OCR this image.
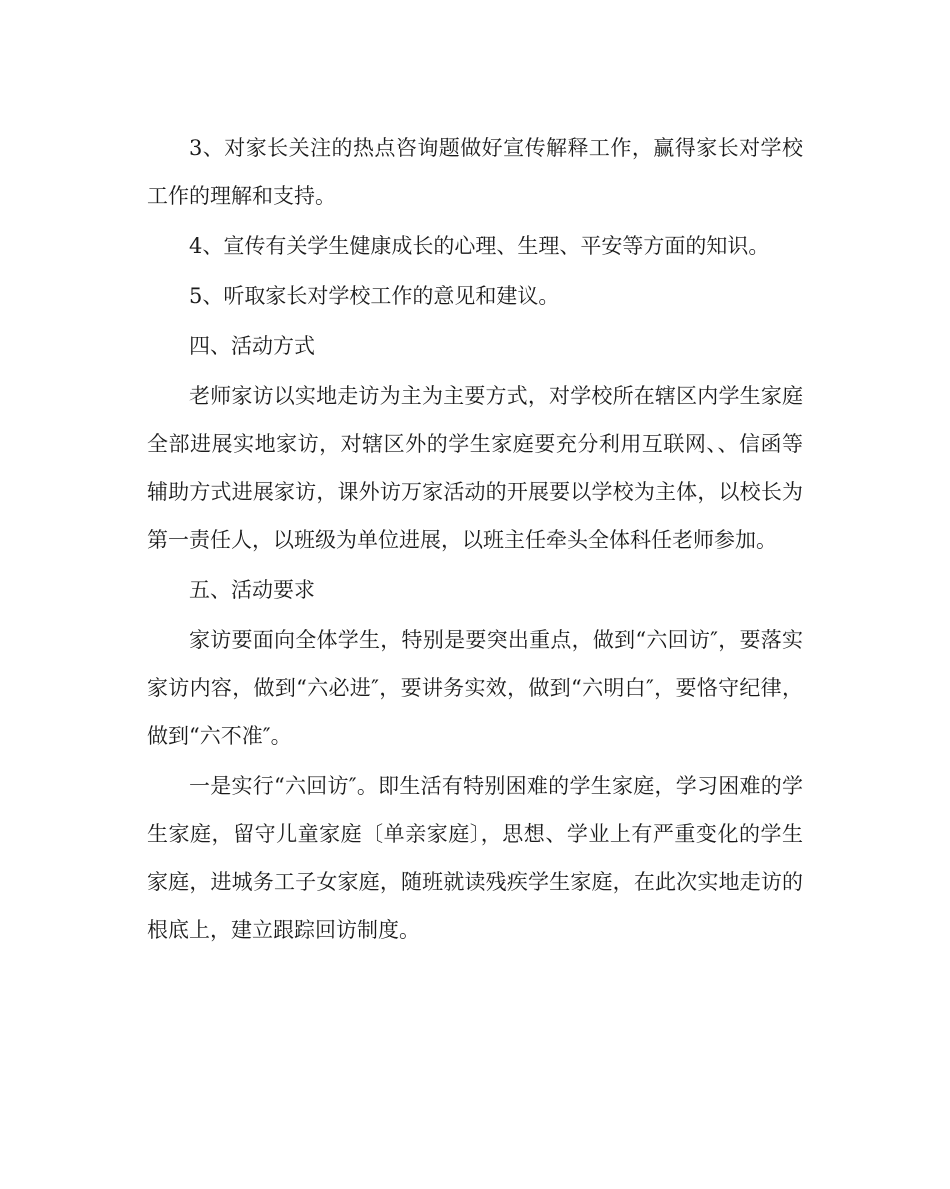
3、对家长关注的热点咨询题做好宣传解释工作，赢得家长对学校工作的理解和支持。

4、宣传有关学生健康成长的心理、生理、平安等方面的知识。

5、听取家长对学校工作的意见和建议。

四、活动方式

老师家访以实地走访为主为主要方式，对学校所在辖区内学生家庭全部进展实地家访，对辖区外的学生家庭要充分利用互联网、、信函等辅助方式进展家访，课外访万家活动的开展要以学校为主体，以校长为第一责任人，以班级为单位进展，以班主任牵头全体科任老师参加。

五、活动要求

家访要面向全体学生，特别是要突出重点，做到“六回访″，要落实家访内容，做到“六必进″，要讲务实效，做到“六明白″，要恪守纪律，做到“六不准″。

一是实行“六回访″。即生活有特别困难的学生家庭，学习困难的学生家庭，留守儿童家庭〔单亲家庭〕，思想、学业上有严重变化的学生家庭，进城务工子女家庭，随班就读残疾学生家庭，在此次实地走访的根底上，建立跟踪回访制度。
